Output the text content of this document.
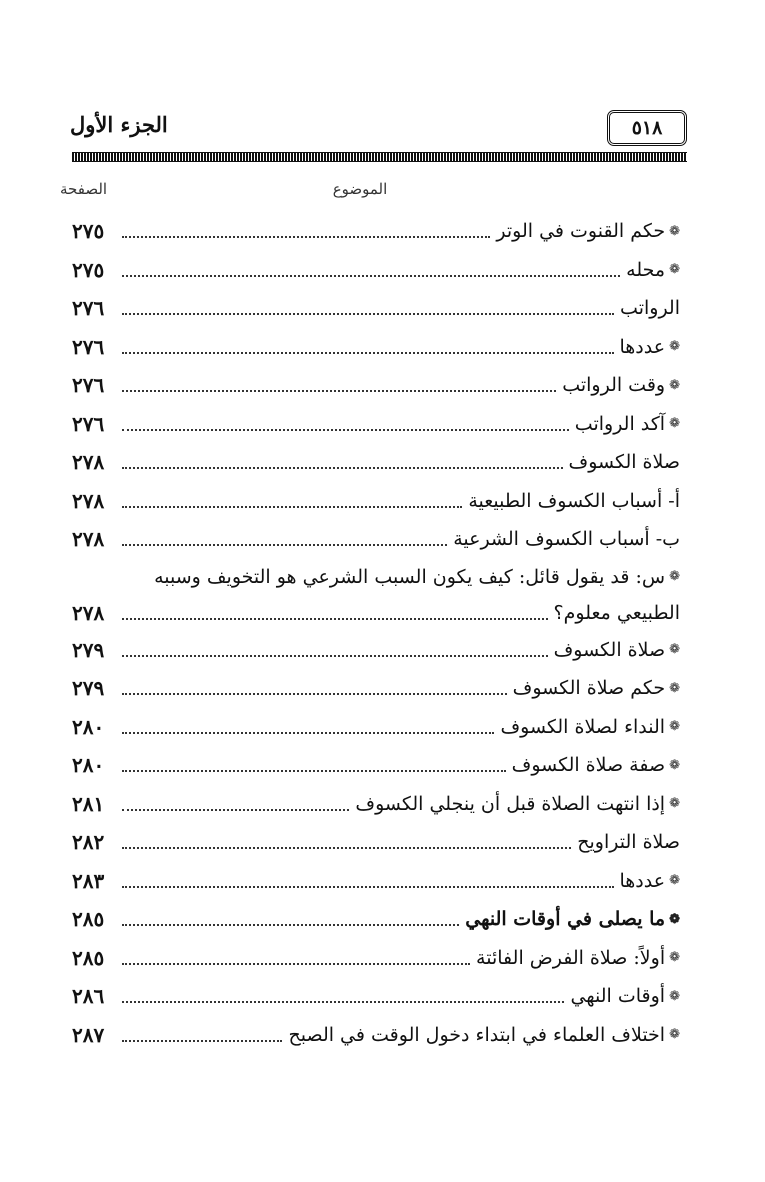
٥١٨
الجزء الأول
الموضوع
الصفحة
❁
حكم القنوت في الوتر
٢٧٥
❁
محله
٢٧٥
الرواتب
٢٧٦
❁
عددها
٢٧٦
❁
وقت الرواتب
٢٧٦
❁
آكد الرواتب
٢٧٦
صلاة الكسوف
٢٧٨
أ- أسباب الكسوف الطبيعية
٢٧٨
ب- أسباب الكسوف الشرعية
٢٧٨
❁
س: قد يقول قائل: كيف يكون السبب الشرعي هو التخويف وسببه
الطبيعي معلوم؟
٢٧٨
❁
صلاة الكسوف
٢٧٩
❁
حكم صلاة الكسوف
٢٧٩
❁
النداء لصلاة الكسوف
٢٨٠
❁
صفة صلاة الكسوف
٢٨٠
❁
إذا انتهت الصلاة قبل أن ينجلي الكسوف
٢٨١
صلاة التراويح
٢٨٢
❁
عددها
٢٨٣
❁
ما يصلى في أوقات النهي
٢٨٥
❁
أولاً: صلاة الفرض الفائتة
٢٨٥
❁
أوقات النهي
٢٨٦
❁
اختلاف العلماء في ابتداء دخول الوقت في الصبح
٢٨٧
